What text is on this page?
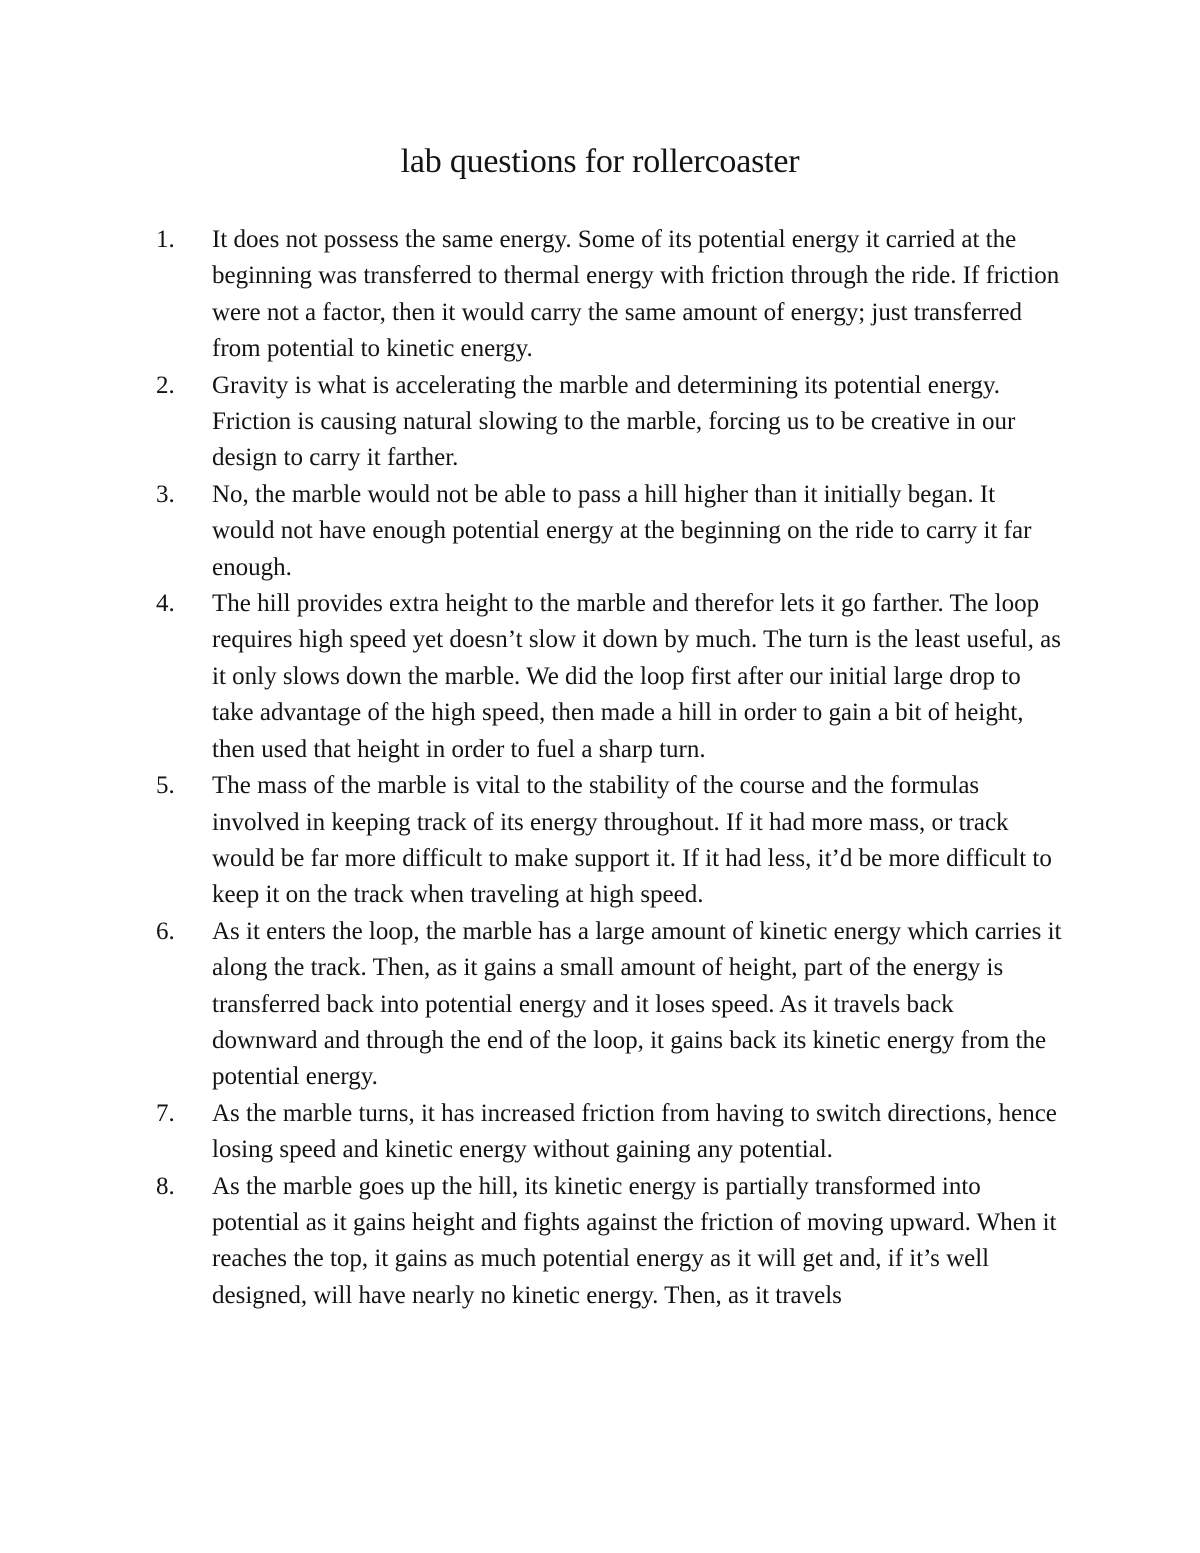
lab questions for rollercoaster
1.	It does not possess the same energy. Some of its potential energy it carried at the beginning was transferred to thermal energy with friction through the ride. If friction were not a factor, then it would carry the same amount of energy; just transferred from potential to kinetic energy.
2.	Gravity is what is accelerating the marble and determining its potential energy. Friction is causing natural slowing to the marble, forcing us to be creative in our design to carry it farther.
3.	No, the marble would not be able to pass a hill higher than it initially began. It would not have enough potential energy at the beginning on the ride to carry it far enough.
4.	The hill provides extra height to the marble and therefor lets it go farther. The loop requires high speed yet doesn’t slow it down by much. The turn is the least useful, as it only slows down the marble. We did the loop first after our initial large drop to take advantage of the high speed, then made a hill in order to gain a bit of height, then used that height in order to fuel a sharp turn.
5.	The mass of the marble is vital to the stability of the course and the formulas involved in keeping track of its energy throughout. If it had more mass, or track would be far more difficult to make support it. If it had less, it’d be more difficult to keep it on the track when traveling at high speed.
6.	As it enters the loop, the marble has a large amount of kinetic energy which carries it along the track. Then, as it gains a small amount of height, part of the energy is transferred back into potential energy and it loses speed. As it travels back downward and through the end of the loop, it gains back its kinetic energy from the potential energy.
7.	As the marble turns, it has increased friction from having to switch directions, hence losing speed and kinetic energy without gaining any potential.
8.	As the marble goes up the hill, its kinetic energy is partially transformed into potential as it gains height and fights against the friction of moving upward. When it reaches the top, it gains as much potential energy as it will get and, if it’s well designed, will have nearly no kinetic energy. Then, as it travels
